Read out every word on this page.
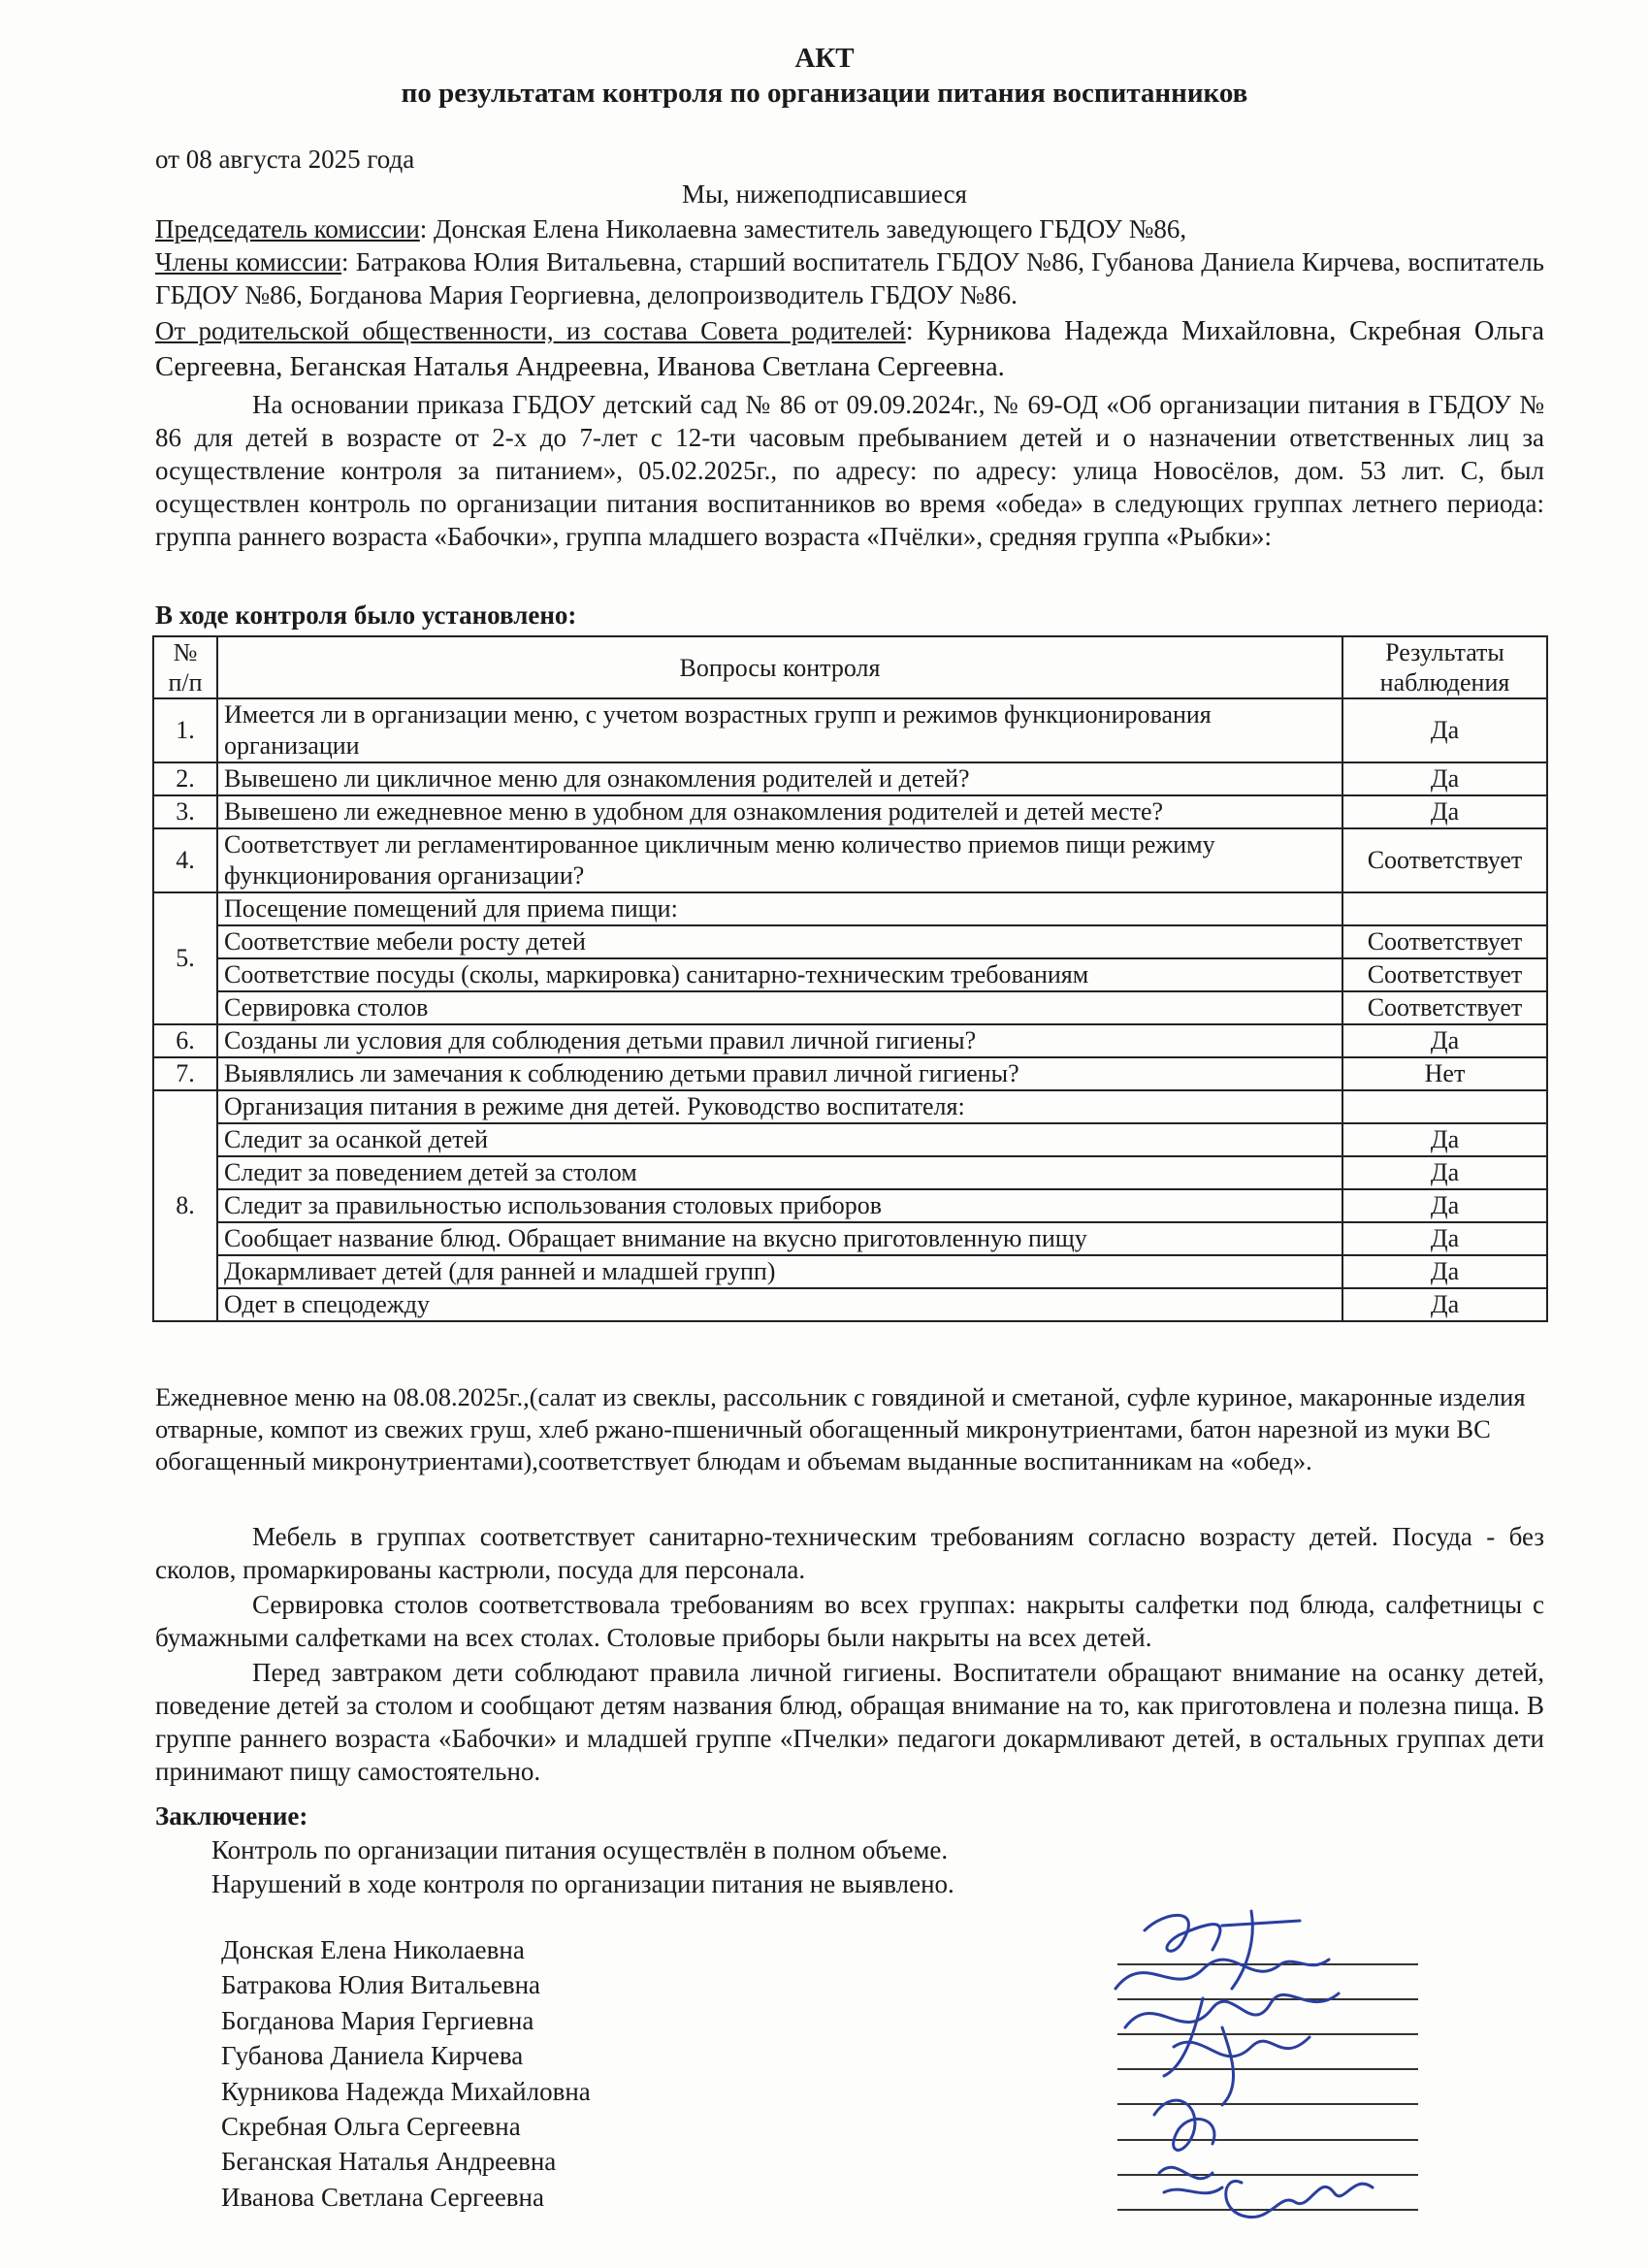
АКТ
по результатам контроля по организации питания воспитанников
от 08 августа 2025 года
Мы, нижеподписавшиеся
Председатель комиссии: Донская Елена Николаевна заместитель заведующего ГБДОУ №86,
Члены комиссии: Батракова Юлия Витальевна, старший воспитатель ГБДОУ №86, Губанова Даниела Кирчева, воспитатель ГБДОУ №86, Богданова Мария Георгиевна, делопроизводитель ГБДОУ №86.
От родительской общественности, из состава Совета родителей: Курникова Надежда Михайловна, Скребная Ольга Сергеевна, Беганская Наталья Андреевна, Иванова Светлана Сергеевна.
На основании приказа ГБДОУ детский сад № 86 от 09.09.2024г., № 69-ОД «Об организации питания в ГБДОУ № 86 для детей в возрасте от 2-х до 7-лет с 12-ти часовым пребыванием детей и о назначении ответственных лиц за осуществление контроля за питанием», 05.02.2025г., по адресу: по адресу: улица Новосёлов, дом. 53 лит. С, был осуществлен контроль по организации питания воспитанников во время «обеда» в следующих группах летнего периода: группа раннего возраста «Бабочки», группа младшего возраста «Пчёлки», средняя группа «Рыбки»:
В ходе контроля было установлено:
№ п/п	Вопросы контроля	Результаты наблюдения
1.	Имеется ли в организации меню, с учетом возрастных групп и режимов функционирования организации	Да
2.	Вывешено ли цикличное меню для ознакомления родителей и детей?	Да
3.	Вывешено ли ежедневное меню в удобном для ознакомления родителей и детей месте?	Да
4.	Соответствует ли регламентированное цикличным меню количество приемов пищи режиму функционирования организации?	Соответствует
5.	Посещение помещений для приема пищи:	
	Соответствие мебели росту детей	Соответствует
	Соответствие посуды (сколы, маркировка) санитарно-техническим требованиям	Соответствует
	Сервировка столов	Соответствует
6.	Созданы ли условия для соблюдения детьми правил личной гигиены?	Да
7.	Выявлялись ли замечания к соблюдению детьми правил личной гигиены?	Нет
8.	Организация питания в режиме дня детей. Руководство воспитателя:	
	Следит за осанкой детей	Да
	Следит за поведением детей за столом	Да
	Следит за правильностью использования столовых приборов	Да
	Сообщает название блюд. Обращает внимание на вкусно приготовленную пищу	Да
	Докармливает детей (для ранней и младшей групп)	Да
	Одет в спецодежду	Да
Ежедневное меню на 08.08.2025г.,(салат из свеклы, рассольник с говядиной и сметаной, суфле куриное, макаронные изделия отварные, компот из свежих груш, хлеб ржано-пшеничный обогащенный микронутриентами, батон нарезной из муки ВС обогащенный микронутриентами),соответствует блюдам и объемам выданные воспитанникам на «обед».
Мебель в группах соответствует санитарно-техническим требованиям согласно возрасту детей. Посуда - без сколов, промаркированы кастрюли, посуда для персонала.
Сервировка столов соответствовала требованиям во всех группах: накрыты салфетки под блюда, салфетницы с бумажными салфетками на всех столах. Столовые приборы были накрыты на всех детей.
Перед завтраком дети соблюдают правила личной гигиены. Воспитатели обращают внимание на осанку детей, поведение детей за столом и сообщают детям названия блюд, обращая внимание на то, как приготовлена и полезна пища. В группе раннего возраста «Бабочки» и младшей группе «Пчелки» педагоги докармливают детей, в остальных группах дети принимают пищу самостоятельно.
Заключение:
Контроль по организации питания осуществлён в полном объеме.
Нарушений в ходе контроля по организации питания не выявлено.
Донская Елена Николаевна
Батракова Юлия Витальевна
Богданова Мария Гергиевна
Губанова Даниела Кирчева
Курникова Надежда Михайловна
Скребная Ольга Сергеевна
Беганская Наталья Андреевна
Иванова Светлана Сергеевна
